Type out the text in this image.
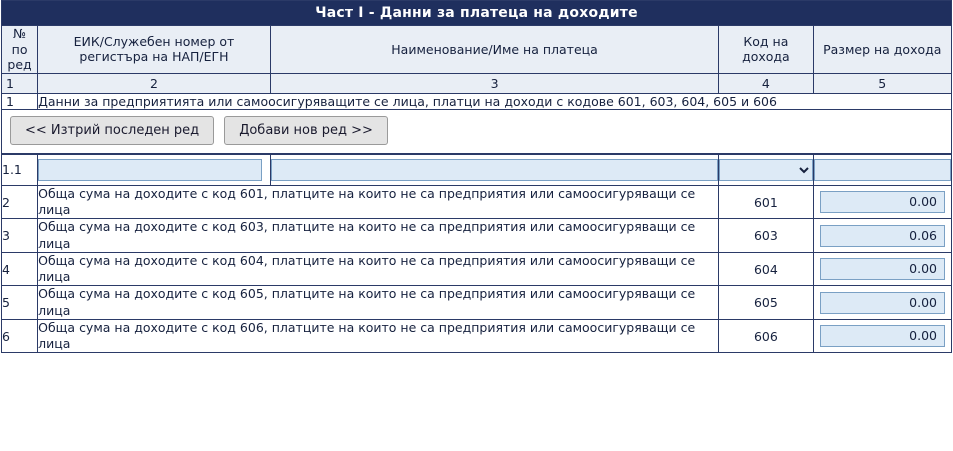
Част I - Данни за платеца на доходите				

№
по
ред	ЕИК/Служебен номер от регистъра на НАП/ЕГН	Наименование/Име на платеца	Код на дохода	Размер на дохода
1	2	3	4	5
1	Данни за предприятията или самоосигуряващите се лица, платци на доходи с кодове 601, 603, 604, 605 и 606			
<< Изтрий последен ред	Добави нов ред >>
1.1			

2	Обща сума на доходите с код 601, платците на които не са предприятия или самоосигуряващи се лица		601	0.00

3	Обща сума на доходите с код 603, платците на които не са предприятия или самоосигуряващи се лица		603	0.06

4	Обща сума на доходите с код 604, платците на които не са предприятия или самоосигуряващи се лица		604	0.00

5	Обща сума на доходите с код 605, платците на които не са предприятия или самоосигуряващи се лица		605	0.00

6	Обща сума на доходите с код 606, платците на които не са предприятия или самоосигуряващи се лица		606	0.00
